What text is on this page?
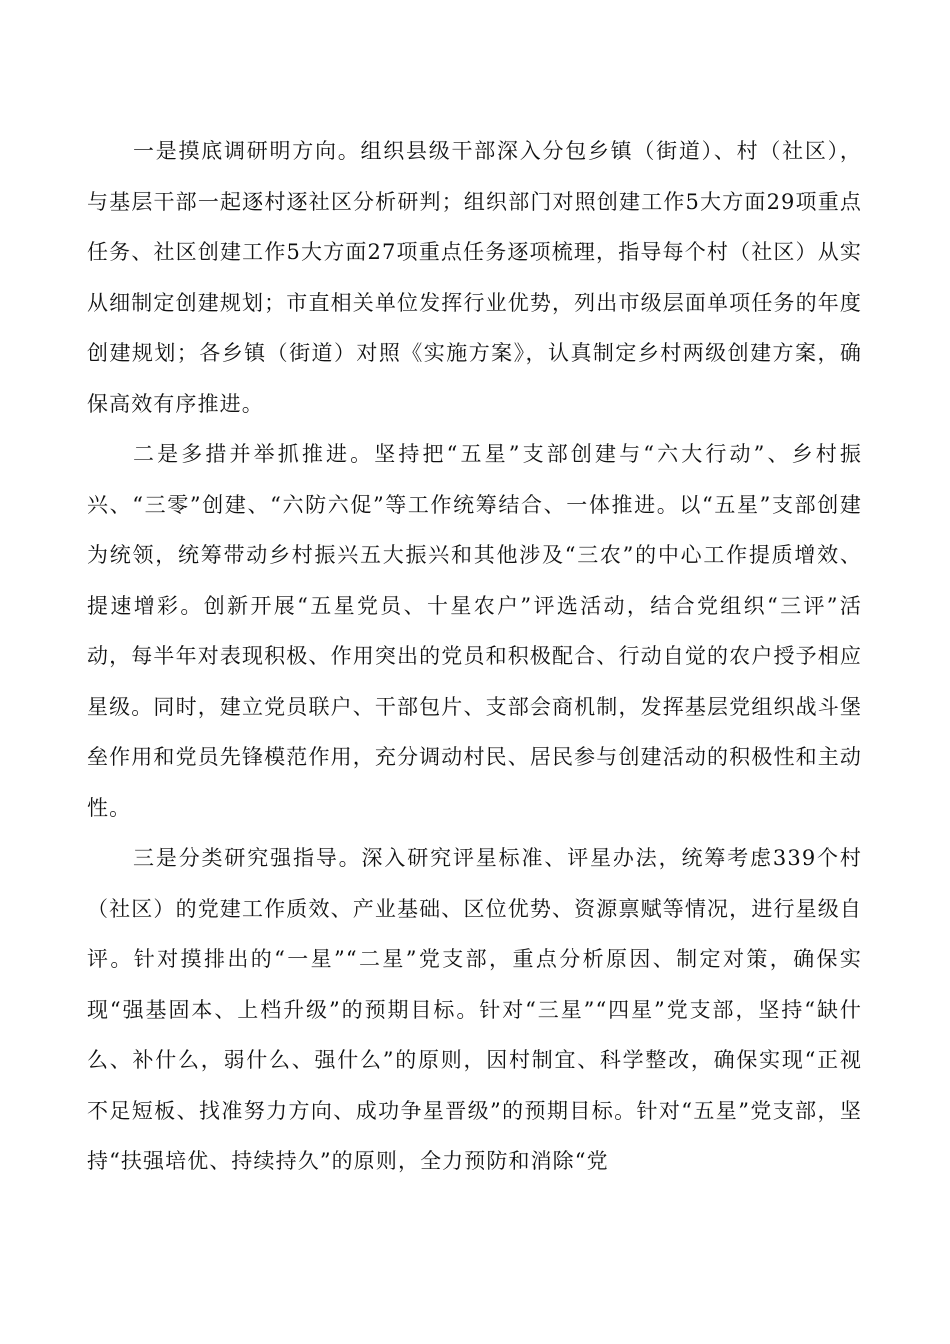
一是摸底调研明方向。组织县级干部深入分包乡镇（街道）、村（社区），与基层干部一起逐村逐社区分析研判；组织部门对照创建工作5大方面29项重点任务、社区创建工作5大方面27项重点任务逐项梳理，指导每个村（社区）从实从细制定创建规划；市直相关单位发挥行业优势，列出市级层面单项任务的年度创建规划；各乡镇（街道）对照《实施方案》，认真制定乡村两级创建方案，确保高效有序推进。

二是多措并举抓推进。坚持把“五星”支部创建与“六大行动”、乡村振兴、“三零”创建、“六防六促”等工作统筹结合、一体推进。以“五星”支部创建为统领，统筹带动乡村振兴五大振兴和其他涉及“三农”的中心工作提质增效、提速增彩。创新开展“五星党员、十星农户”评选活动，结合党组织“三评”活动，每半年对表现积极、作用突出的党员和积极配合、行动自觉的农户授予相应星级。同时，建立党员联户、干部包片、支部会商机制，发挥基层党组织战斗堡垒作用和党员先锋模范作用，充分调动村民、居民参与创建活动的积极性和主动性。

三是分类研究强指导。深入研究评星标准、评星办法，统筹考虑339个村（社区）的党建工作质效、产业基础、区位优势、资源禀赋等情况，进行星级自评。针对摸排出的“一星”“二星”党支部，重点分析原因、制定对策，确保实现“强基固本、上档升级”的预期目标。针对“三星”“四星”党支部，坚持“缺什么、补什么，弱什么、强什么”的原则，因村制宜、科学整改，确保实现“正视不足短板、找准努力方向、成功争星晋级”的预期目标。针对“五星”党支部，坚持“扶强培优、持续持久”的原则，全力预防和消除“党
